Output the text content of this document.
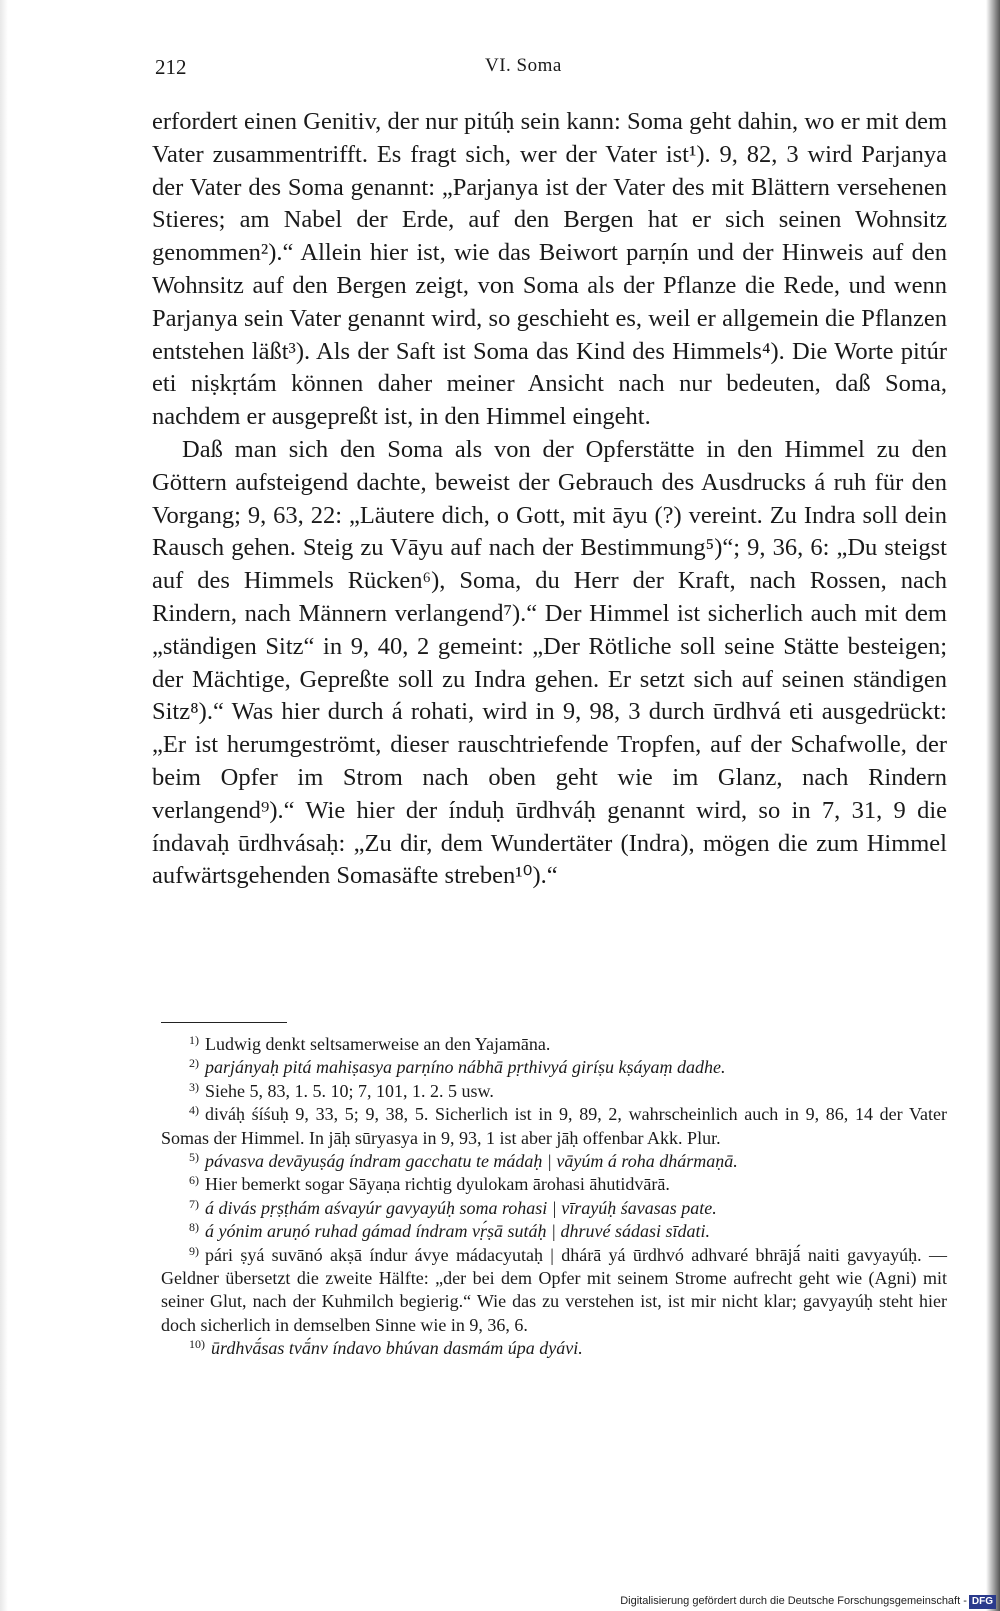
212	VI. Soma

erfordert einen Genitiv, der nur pitúḥ sein kann: Soma geht dahin, wo er mit dem Vater zusammentrifft. Es fragt sich, wer der Vater ist¹). 9, 82, 3 wird Parjanya der Vater des Soma genannt: „Parjanya ist der Vater des mit Blättern versehenen Stieres; am Nabel der Erde, auf den Bergen hat er sich seinen Wohnsitz genommen²).“ Allein hier ist, wie das Beiwort parṇín und der Hinweis auf den Wohnsitz auf den Bergen zeigt, von Soma als der Pflanze die Rede, und wenn Parjanya sein Vater genannt wird, so geschieht es, weil er allgemein die Pflanzen entstehen läßt³). Als der Saft ist Soma das Kind des Himmels⁴). Die Worte pitúr eti niṣkṛtám können daher meiner Ansicht nach nur bedeuten, daß Soma, nachdem er ausgepreßt ist, in den Himmel eingeht.

Daß man sich den Soma als von der Opferstätte in den Himmel zu den Göttern aufsteigend dachte, beweist der Gebrauch des Ausdrucks á ruh für den Vorgang; 9, 63, 22: „Läutere dich, o Gott, mit āyu (?) vereint. Zu Indra soll dein Rausch gehen. Steig zu Vāyu auf nach der Bestimmung⁵)“; 9, 36, 6: „Du steigst auf des Himmels Rücken⁶), Soma, du Herr der Kraft, nach Rossen, nach Rindern, nach Männern verlangend⁷).“ Der Himmel ist sicherlich auch mit dem „ständigen Sitz“ in 9, 40, 2 gemeint: „Der Rötliche soll seine Stätte besteigen; der Mächtige, Gepreßte soll zu Indra gehen. Er setzt sich auf seinen ständigen Sitz⁸).“ Was hier durch á rohati, wird in 9, 98, 3 durch ūrdhvá eti ausgedrückt: „Er ist herumgeströmt, dieser rauschtriefende Tropfen, auf der Schafwolle, der beim Opfer im Strom nach oben geht wie im Glanz, nach Rindern verlangend⁹).“ Wie hier der índuḥ ūrdhváḥ genannt wird, so in 7, 31, 9 die índavaḥ ūrdhvásaḥ: „Zu dir, dem Wundertäter (Indra), mögen die zum Himmel aufwärtsgehenden Somasäfte streben¹⁰).“

$^{1)}$ Ludwig denkt seltsamerweise an den Yajamāna.

$^{2)}$ parjányaḥ pitá mahiṣasya parṇíno nábhā pṛthivyá giríṣu kṣáyaṃ dadhe.

$^{3)}$ Siehe 5, 83, 1. 5. 10; 7, 101, 1. 2. 5 usw.

$^{4)}$ diváḥ śíśuḥ 9, 33, 5; 9, 38, 5. Sicherlich ist in 9, 89, 2, wahrscheinlich auch in 9, 86, 14 der Vater Somas der Himmel. In jāḥ sūryasya in 9, 93, 1 ist aber jāḥ offenbar Akk. Plur.

$^{5)}$ pávasva devāyuṣág índram gacchatu te mádaḥ | vāyúm á roha dhármaṇā.

$^{6)}$ Hier bemerkt sogar Sāyaṇa richtig dyulokam ārohasi āhutidvārā.

$^{7)}$ á divás pṛṣṭhám aśvayúr gavyayúḥ soma rohasi | vīrayúḥ śavasas pate.

$^{8)}$ á yónim aruṇó ruhad gámad índram vṛ́ṣā sutáḥ | dhruvé sádasi sīdati.

$^{9)}$ pári ṣyá suvānó akṣā índur ávye mádacyutaḥ | dhárā yá ūrdhvó adhvaré bhrājā́ naiti gavyayúḥ. — Geldner übersetzt die zweite Hälfte: „der bei dem Opfer mit seinem Strome aufrecht geht wie (Agni) mit seiner Glut, nach der Kuhmilch begierig.“ Wie das zu verstehen ist, ist mir nicht klar; gavyayúḥ steht hier doch sicherlich in demselben Sinne wie in 9, 36, 6.

$^{10)}$ ūrdhvā́sas tvā́nv índavo bhúvan dasmám úpa dyávi.

Digitalisierung gefördert durch die Deutsche Forschungsgemeinschaft - DFG
